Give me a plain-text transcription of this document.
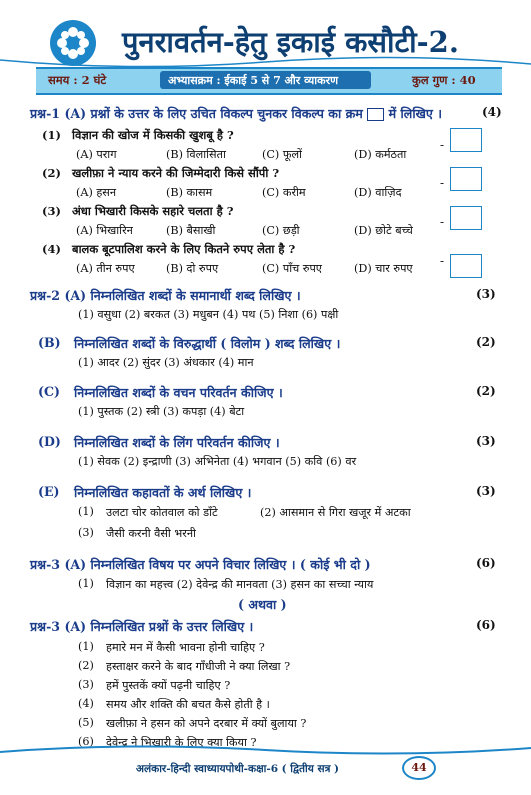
पुनरावर्तन-हेतु इकाई कसौटी-2.
समय : 2 घंटे	अभ्यासक्रम : ईकाई 5 से 7 और व्याकरण	कुल गुण : 40
प्रश्न-1 (A) प्रश्नों के उत्तर के लिए उचित विकल्प चुनकर विकल्प का क्रम में लिखिए ।	(4)
(1) विज्ञान की खोज में किसकी खुशबू है ?
(A) पराग	(B) विलासिता	(C) फूलों	(D) कर्मठता
-
(2) खलीफ़ा ने न्याय करने की जिम्मेदारी किसे सौंपी ?
(A) हसन	(B) कासम	(C) करीम	(D) वाज़िद
-
(3) अंधा भिखारी किसके सहारे चलता है ?
(A) भिखारिन	(B) बैसाखी	(C) छड़ी	(D) छोटे बच्चे
-
(4) बालक बूटपालिश करने के लिए कितने रुपए लेता है ?
(A) तीन रुपए	(B) दो रुपए	(C) पाँच रुपए	(D) चार रुपए
-
प्रश्न-2 (A) निम्नलिखित शब्दों के समानार्थी शब्द लिखिए ।	(3)
(1) वसुधा (2) बरकत (3) मधुबन (4) पथ (5) निशा (6) पक्षी
(B) निम्नलिखित शब्दों के विरुद्धार्थी ( विलोम ) शब्द लिखिए ।	(2)
(1) आदर (2) सुंदर (3) अंधकार (4) मान
(C) निम्नलिखित शब्दों के वचन परिवर्तन कीजिए ।	(2)
(1) पुस्तक (2) स्त्री (3) कपड़ा (4) बेटा
(D) निम्नलिखित शब्दों के लिंग परिवर्तन कीजिए ।	(3)
(1) सेवक (2) इन्द्राणी (3) अभिनेता (4) भगवान (5) कवि (6) वर
(E) निम्नलिखित कहावतों के अर्थ लिखिए ।	(3)
(1) उलटा चोर कोतवाल को डाँटे	(2) आसमान से गिरा खजूर में अटका
(3) जैसी करनी वैसी भरनी
प्रश्न-3 (A) निम्नलिखित विषय पर अपने विचार लिखिए । ( कोई भी दो )	(6)
(1) विज्ञान का महत्त्व (2) देवेन्द्र की मानवता (3) हसन का सच्चा न्याय
( अथवा )
प्रश्न-3 (A) निम्नलिखित प्रश्नों के उत्तर लिखिए ।	(6)
(1) हमारे मन में कैसी भावना होनी चाहिए ?
(2) हस्ताक्षर करने के बाद गाँधीजी ने क्या लिखा ?
(3) हमें पुस्तकें क्यों पढ़नी चाहिए ?
(4) समय और शक्ति की बचत कैसे होती है ।
(5) खलीफ़ा ने हसन को अपने दरबार में क्यों बुलाया ?
(6) देवेन्द्र ने भिखारी के लिए क्या किया ?
अलंकार-हिन्दी स्वाध्यायपोथी-कक्षा-6 ( द्वितीय सत्र )	44
